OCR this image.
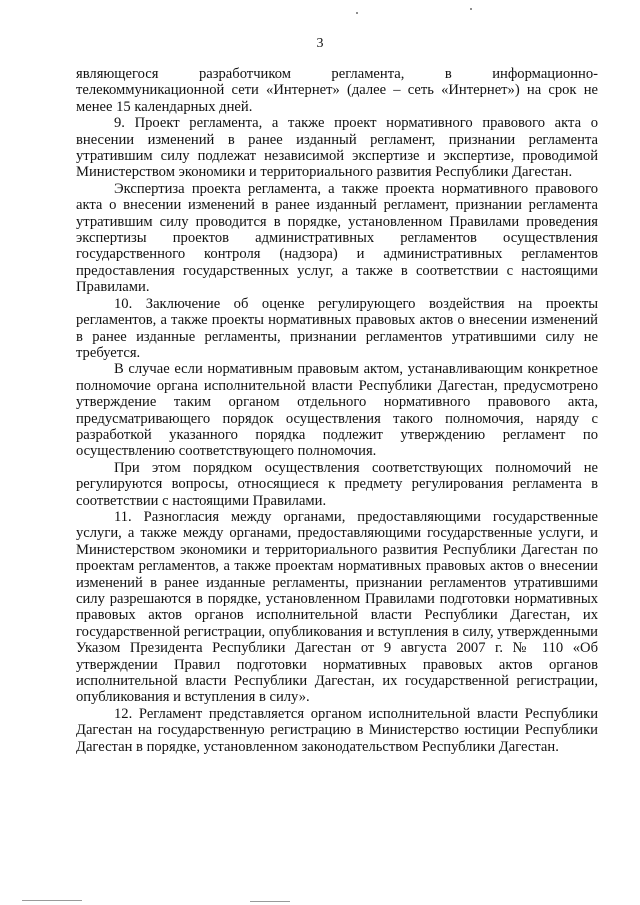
3

являющегося разработчиком регламента, в информационно-телекоммуникационной сети «Интернет» (далее – сеть «Интернет») на срок не менее 15 календарных дней.

9. Проект регламента, а также проект нормативного правового акта о внесении изменений в ранее изданный регламент, признании регламента утратившим силу подлежат независимой экспертизе и экспертизе, проводимой Министерством экономики и территориального развития Республики Дагестан.

Экспертиза проекта регламента, а также проекта нормативного правового акта о внесении изменений в ранее изданный регламент, признании регламента утратившим силу проводится в порядке, установленном Правилами проведения экспертизы проектов административных регламентов осуществления государственного контроля (надзора) и административных регламентов предоставления государственных услуг, а также в соответствии с настоящими Правилами.

10. Заключение об оценке регулирующего воздействия на проекты регламентов, а также проекты нормативных правовых актов о внесении изменений в ранее изданные регламенты, признании регламентов утратившими силу не требуется.

В случае если нормативным правовым актом, устанавливающим конкретное полномочие органа исполнительной власти Республики Дагестан, предусмотрено утверждение таким органом отдельного нормативного правового акта, предусматривающего порядок осуществления такого полномочия, наряду с разработкой указанного порядка подлежит утверждению регламент по осуществлению соответствующего полномочия.

При этом порядком осуществления соответствующих полномочий не регулируются вопросы, относящиеся к предмету регулирования регламента в соответствии с настоящими Правилами.

11. Разногласия между органами, предоставляющими государственные услуги, а также между органами, предоставляющими государственные услуги, и Министерством экономики и территориального развития Республики Дагестан по проектам регламентов, а также проектам нормативных правовых актов о внесении изменений в ранее изданные регламенты, признании регламентов утратившими силу разрешаются в порядке, установленном Правилами подготовки нормативных правовых актов органов исполнительной власти Республики Дагестан, их государственной регистрации, опубликования и вступления в силу, утвержденными Указом Президента Республики Дагестан от 9 августа 2007 г. № 110 «Об утверждении Правил подготовки нормативных правовых актов органов исполнительной власти Республики Дагестан, их государственной регистрации, опубликования и вступления в силу».

12. Регламент представляется органом исполнительной власти Республики Дагестан на государственную регистрацию в Министерство юстиции Республики Дагестан в порядке, установленном законодательством Республики Дагестан.
